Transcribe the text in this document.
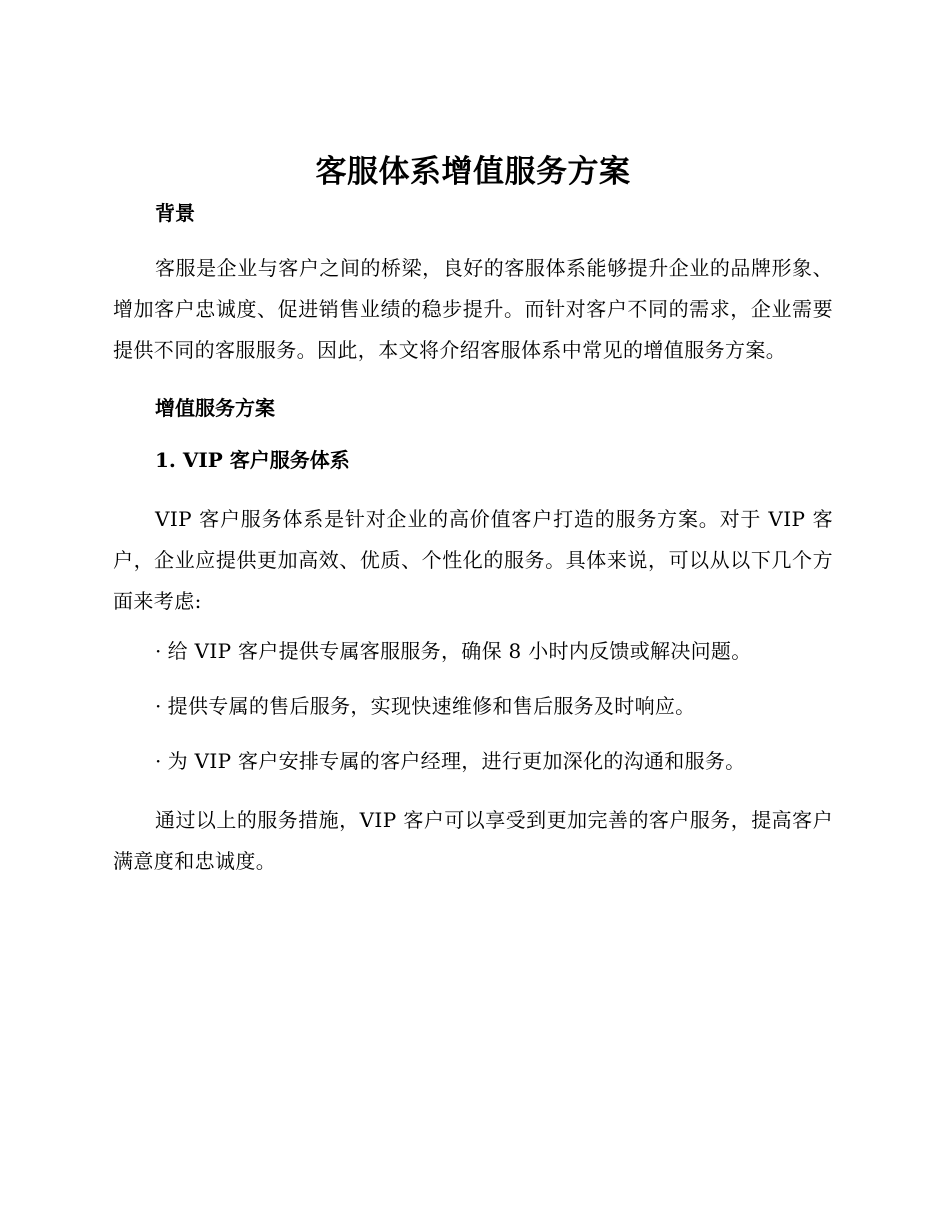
客服体系增值服务方案
背景

客服是企业与客户之间的桥梁，良好的客服体系能够提升企业的品牌形象、增加客户忠诚度、促进销售业绩的稳步提升。而针对客户不同的需求，企业需要提供不同的客服服务。因此，本文将介绍客服体系中常见的增值服务方案。

增值服务方案
1. VIP 客户服务体系

VIP 客户服务体系是针对企业的高价值客户打造的服务方案。对于 VIP 客户，企业应提供更加高效、优质、个性化的服务。具体来说，可以从以下几个方面来考虑:

· 给 VIP 客户提供专属客服服务，确保 8 小时内反馈或解决问题。
· 提供专属的售后服务，实现快速维修和售后服务及时响应。
· 为 VIP 客户安排专属的客户经理，进行更加深化的沟通和服务。

通过以上的服务措施，VIP 客户可以享受到更加完善的客户服务，提高客户满意度和忠诚度。
